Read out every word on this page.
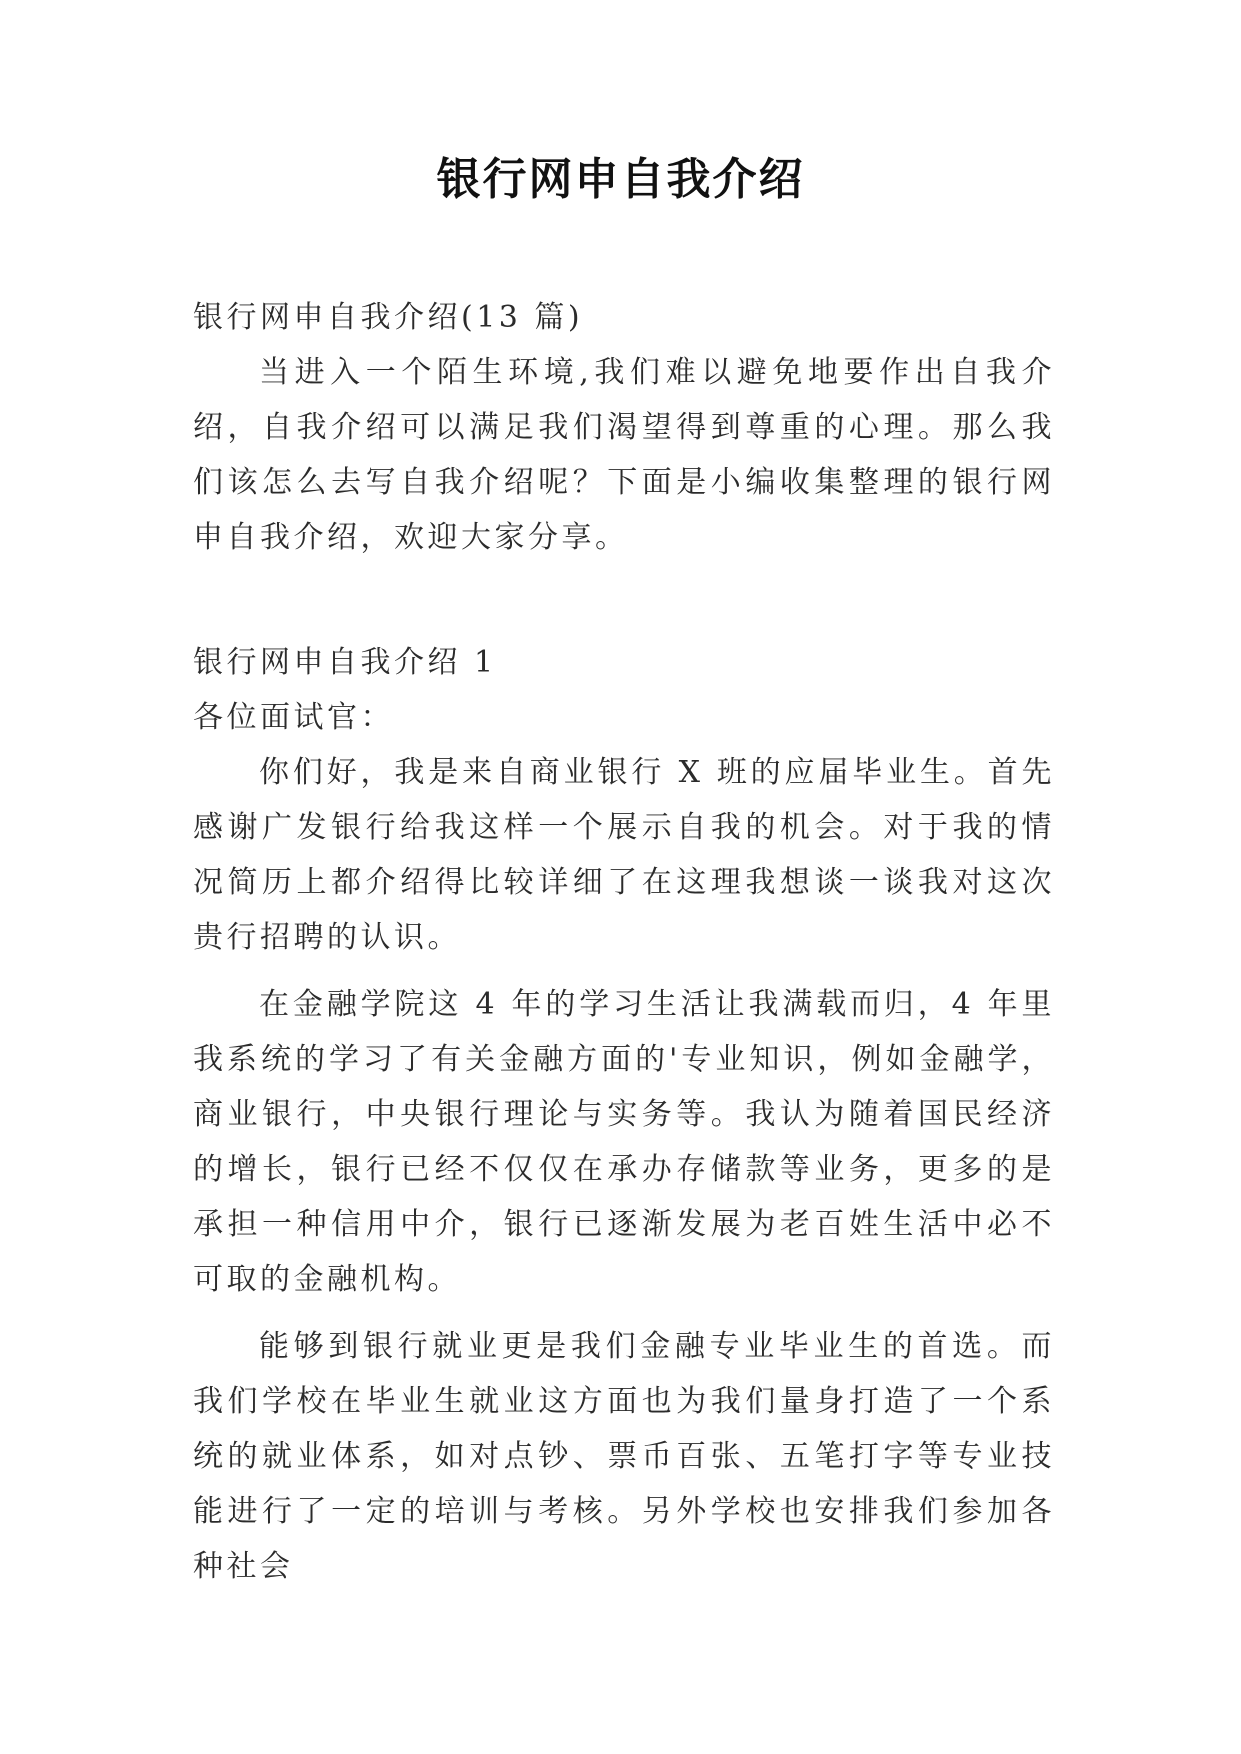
银行网申自我介绍

银行网申自我介绍(13 篇)

当进入一个陌生环境,我们难以避免地要作出自我介绍，自我介绍可以满足我们渴望得到尊重的心理。那么我们该怎么去写自我介绍呢？下面是小编收集整理的银行网申自我介绍，欢迎大家分享。

银行网申自我介绍 1

各位面试官：

你们好，我是来自商业银行 X 班的应届毕业生。首先感谢广发银行给我这样一个展示自我的机会。对于我的情况简历上都介绍得比较详细了在这理我想谈一谈我对这次贵行招聘的认识。

在金融学院这 4 年的学习生活让我满载而归，4 年里我系统的学习了有关金融方面的'专业知识，例如金融学，商业银行，中央银行理论与实务等。我认为随着国民经济的增长，银行已经不仅仅在承办存储款等业务，更多的是承担一种信用中介，银行已逐渐发展为老百姓生活中必不可取的金融机构。

能够到银行就业更是我们金融专业毕业生的首选。而我们学校在毕业生就业这方面也为我们量身打造了一个系统的就业体系，如对点钞、票币百张、五笔打字等专业技能进行了一定的培训与考核。另外学校也安排我们参加各种社会
